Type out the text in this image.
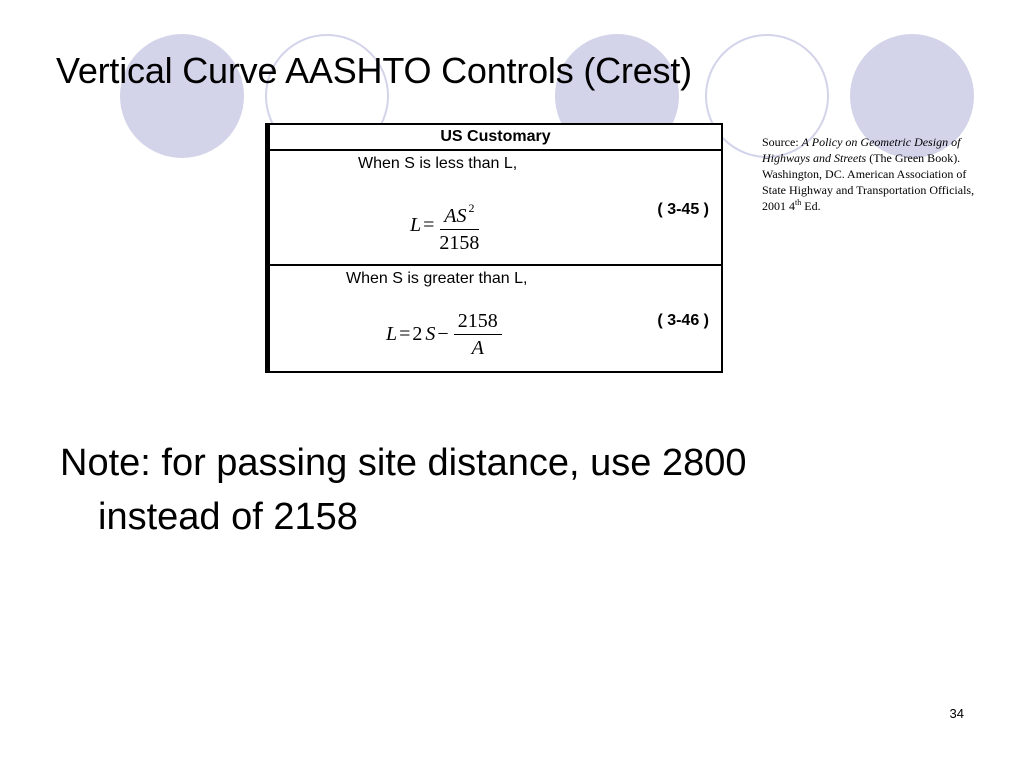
Vertical Curve AASHTO Controls (Crest)
US Customary
When S is less than L,
$L = \frac{AS ^2}{2158}$	( 3-45 )
When S is greater than L,
L = 2 $S - \frac{2158}{A}$	( 3-46 )

Source: A Policy on Geometric Design of Highways and Streets (The Green Book). Washington, DC. American Association of State Highway and Transportation Officials, 2001 4th Ed.

Note: for passing site distance, use 2800
instead of 2158

34
